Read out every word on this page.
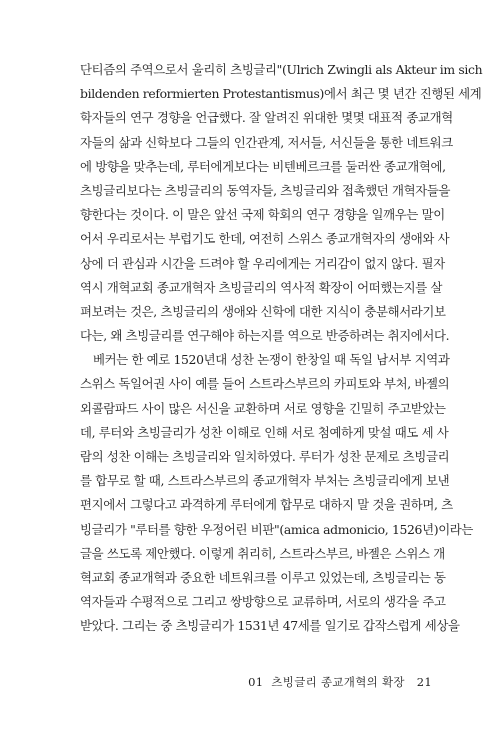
단티즘의 주역으로서 울리히 츠빙글리"(Ulrich Zwingli als Akteur im sich
bildenden reformierten Protestantismus)에서 최근 몇 년간 진행된 세계
학자들의 연구 경향을 언급했다. 잘 알려진 위대한 몇몇 대표적 종교개혁
자들의 삶과 신학보다 그들의 인간관계, 저서들, 서신들을 통한 네트워크
에 방향을 맞추는데, 루터에게보다는 비텐베르크를 둘러싼 종교개혁에,
츠빙글리보다는 츠빙글리의 동역자들, 츠빙글리와 접촉했던 개혁자들을
향한다는 것이다. 이 말은 앞선 국제 학회의 연구 경향을 일깨우는 말이
어서 우리로서는 부럽기도 한데, 여전히 스위스 종교개혁자의 생애와 사
상에 더 관심과 시간을 드려야 할 우리에게는 거리감이 없지 않다. 필자
역시 개혁교회 종교개혁자 츠빙글리의 역사적 확장이 어떠했는지를 살
펴보려는 것은, 츠빙글리의 생애와 신학에 대한 지식이 충분해서라기보
다는, 왜 츠빙글리를 연구해야 하는지를 역으로 반증하려는 취지에서다.
베커는 한 예로 1520년대 성찬 논쟁이 한창일 때 독일 남서부 지역과
스위스 독일어권 사이 예를 들어 스트라스부르의 카피토와 부처, 바젤의
외콜람파드 사이 많은 서신을 교환하며 서로 영향을 긴밀히 주고받았는
데, 루터와 츠빙글리가 성찬 이해로 인해 서로 첨예하게 맞설 때도 세 사
람의 성찬 이해는 츠빙글리와 일치하였다. 루터가 성찬 문제로 츠빙글리
를 합무로 할 때, 스트라스부르의 종교개혁자 부처는 츠빙글리에게 보낸
편지에서 그렇다고 과격하게 루터에게 합무로 대하지 말 것을 권하며, 츠
빙글리가 "루터를 향한 우정어린 비판"(amica admonicio, 1526년)이라는
글을 쓰도록 제안했다. 이렇게 취리히, 스트라스부르, 바젤은 스위스 개
혁교회 종교개혁과 중요한 네트워크를 이루고 있었는데, 츠빙글리는 동
역자들과 수평적으로 그리고 쌍방향으로 교류하며, 서로의 생각을 주고
받았다. 그리는 중 츠빙글리가 1531년 47세를 일기로 갑작스럽게 세상을
01 츠빙글리 종교개혁의 확장 21
